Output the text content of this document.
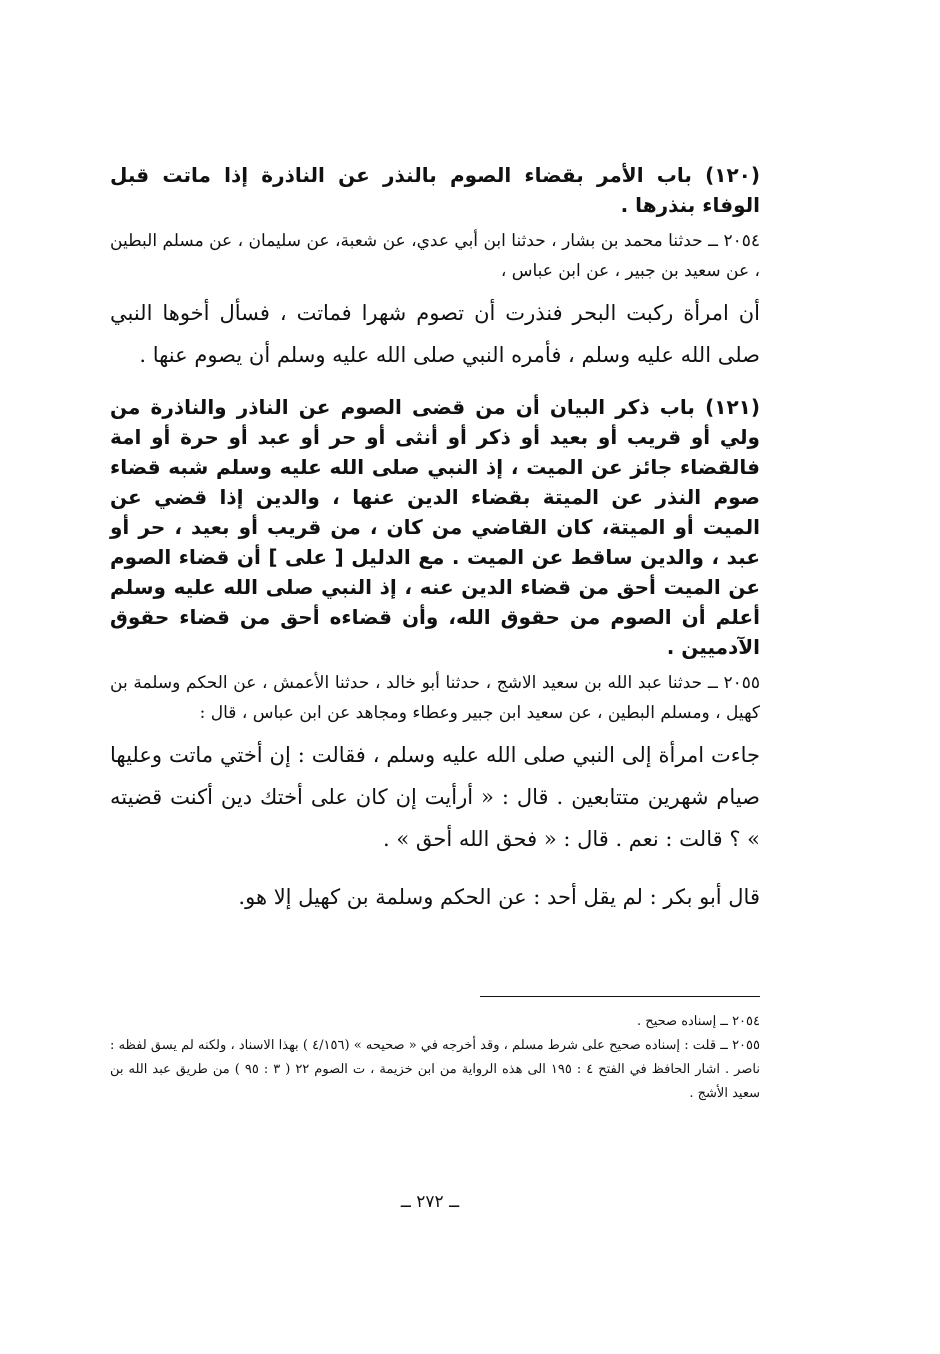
(١٢٠) باب الأمر بقضاء الصوم بالنذر عن الناذرة إذا ماتت قبل الوفاء بنذرها .

٢٠٥٤ ــ حدثنا محمد بن بشار ، حدثنا ابن أبي عدي، عن شعبة، عن سليمان ، عن مسلم البطين ، عن سعيد بن جبير ، عن ابن عباس ،

أن امرأة ركبت البحر فنذرت أن تصوم شهرا فماتت ، فسأل أخوها النبي صلى الله عليه وسلم ، فأمره النبي صلى الله عليه وسلم أن يصوم عنها .

(١٢١) باب ذكر البيان أن من قضى الصوم عن الناذر والناذرة من ولي أو قريب أو بعيد أو ذكر أو أنثى أو حر أو عبد أو حرة أو امة فالقضاء جائز عن الميت ، إذ النبي صلى الله عليه وسلم شبه قضاء صوم النذر عن الميتة بقضاء الدين عنها ، والدين إذا قضي عن الميت أو الميتة، كان القاضي من كان ، من قريب أو بعيد ، حر أو عبد ، والدين ساقط عن الميت . مع الدليل [ على ] أن قضاء الصوم عن الميت أحق من قضاء الدين عنه ، إذ النبي صلى الله عليه وسلم أعلم أن الصوم من حقوق الله، وأن قضاءه أحق من قضاء حقوق الآدميين .

٢٠٥٥ ــ حدثنا عبد الله بن سعيد الاشج ، حدثنا أبو خالد ، حدثنا الأعمش ، عن الحكم وسلمة بن كهيل ، ومسلم البطين ، عن سعيد ابن جبير وعطاء ومجاهد عن ابن عباس ، قال :

جاءت امرأة إلى النبي صلى الله عليه وسلم ، فقالت : إن أختي ماتت وعليها صيام شهرين متتابعين . قال : « أرأيت إن كان على أختك دين أكنت قضيته » ؟ قالت : نعم . قال : « فحق الله أحق » .

قال أبو بكر : لم يقل أحد : عن الحكم وسلمة بن كهيل إلا هو.

٢٠٥٤ ــ إسناده صحيح .

٢٠٥٥ ــ قلت : إسناده صحيح على شرط مسلم ، وقد أخرجه في « صحيحه » (٤/١٥٦ ) بهذا الاسناد ، ولكنه لم يسق لفظه : ناصر . اشار الحافظ في الفتح ٤ : ١٩٥ الى هذه الرواية من ابن خزيمة ، ت الصوم ٢٢ ( ٣ : ٩٥ ) من طريق عبد الله بن سعيد الأشج .

ــ ٢٧٢ ــ
